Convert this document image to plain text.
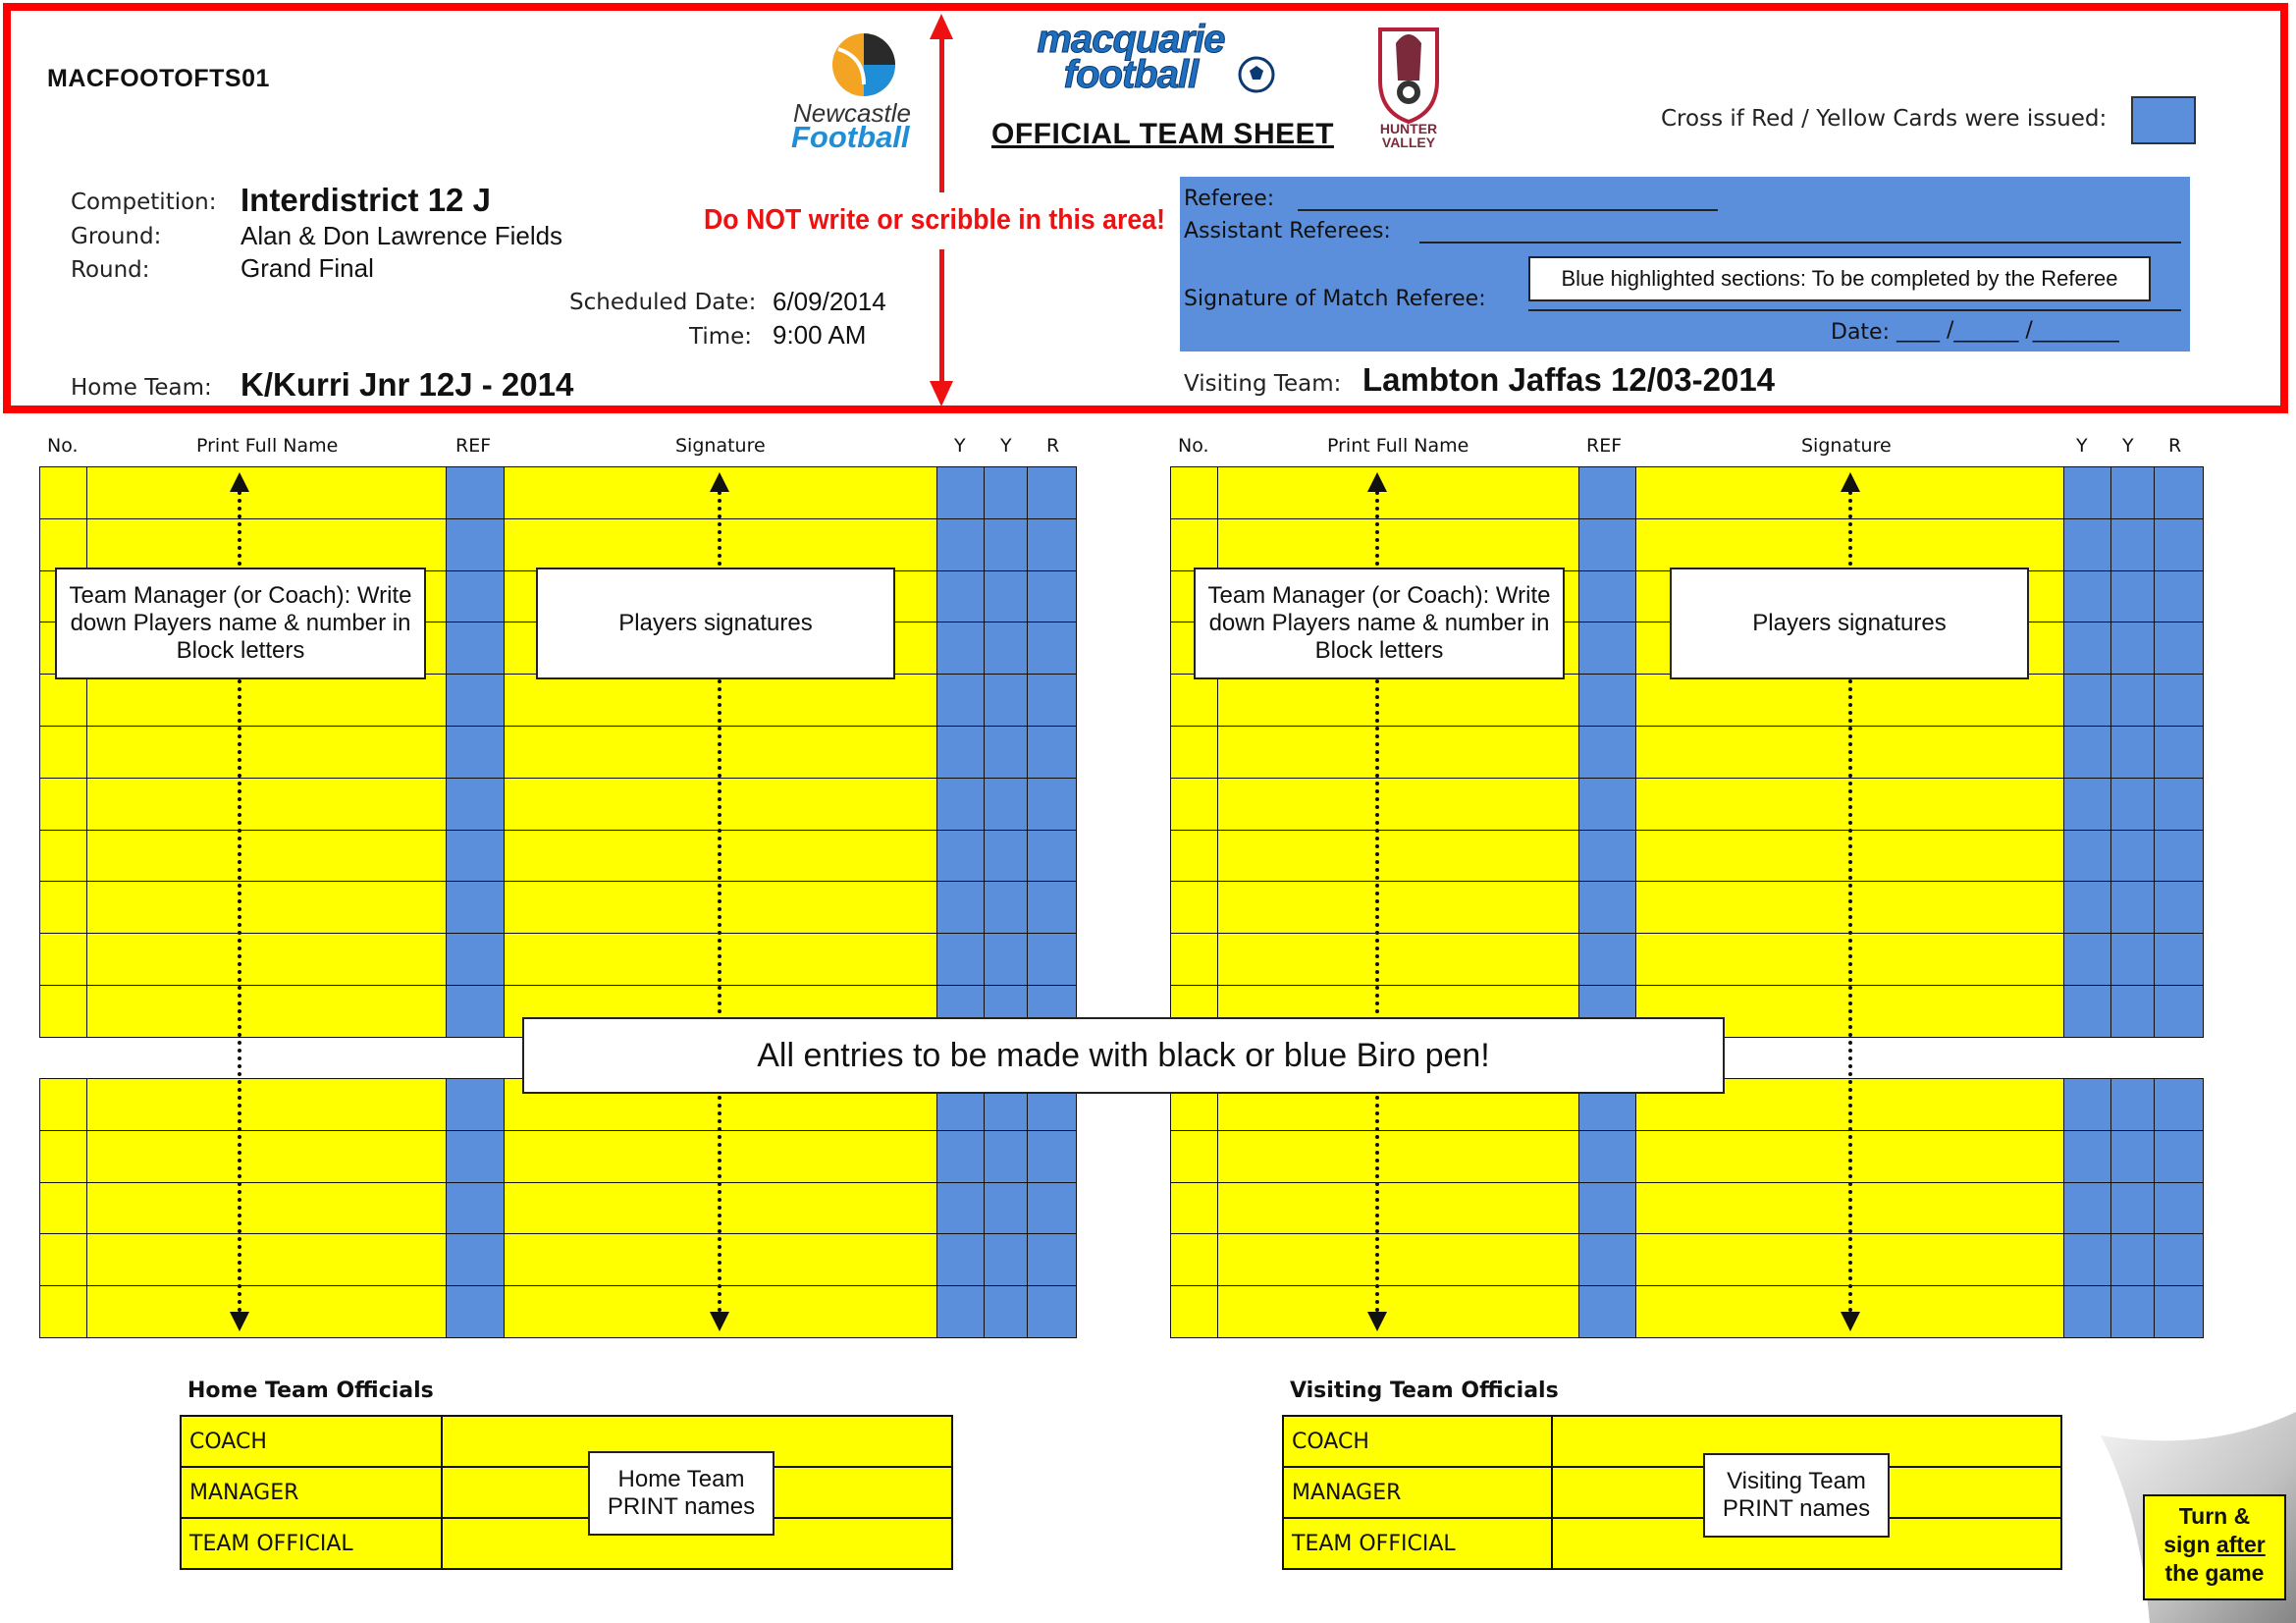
MACFOOTOFTS01
Newcastle
Football
macquarie football
OFFICIAL TEAM SHEET	HUNTER VALLEY
Do NOT write or scribble in this area!
Cross if Red / Yellow Cards were issued:
Competition: Interdistrict 12 J
Ground:	Alan & Don Lawrence Fields
Round:	Grand Final
Scheduled Date: 6/09/2014
Time: 9:00 AM
Home Team: K/Kurri Jnr 12J - 2014	Visiting Team: Lambton Jaffas 12/03-2014
Referee:
Assistant Referees:
Signature of Match Referee:
Blue highlighted sections: To be completed by the Referee
Date: ____ /______ /________
No.	Print Full Name	REF	Signature	Y Y R
Team Manager (or Coach): Write down Players name & number in Block letters
Players signatures
No.	Print Full Name	REF	Signature	Y Y R
Team Manager (or Coach): Write down Players name & number in Block letters
Players signatures
All entries to be made with black or blue Biro pen!
Home Team Officials
COACH
MANAGER
TEAM OFFICIAL
Home Team PRINT names
Visiting Team Officials
COACH
MANAGER
TEAM OFFICIAL
Visiting Team PRINT names	Turn &
sign after
the game
